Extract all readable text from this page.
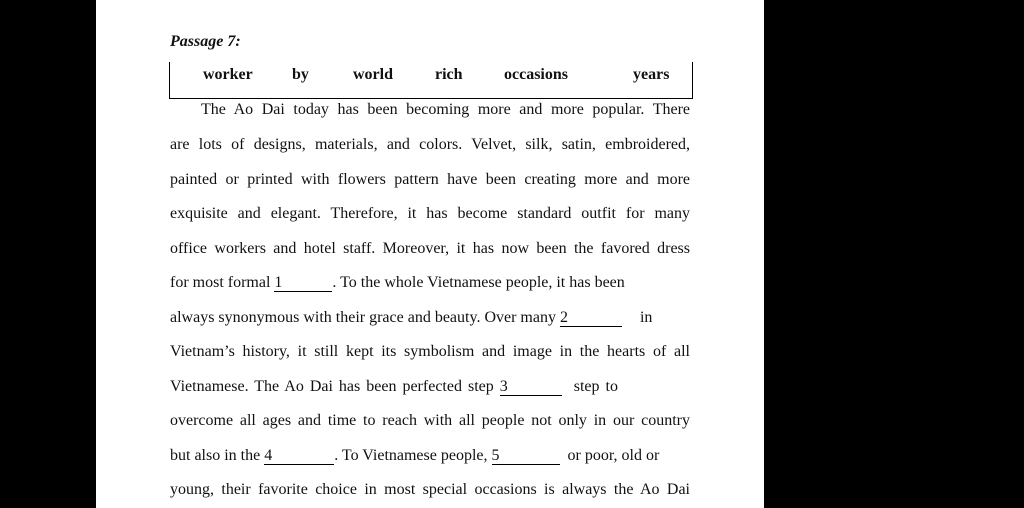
Passage 7:
worker by	world	rich	occasions	years
The Ao Dai today has been becoming more and more popular. There
are lots of designs, materials, and colors. Velvet, silk, satin, embroidered,
painted or printed with flowers pattern have been creating more and more
exquisite and elegant. Therefore, it has become standard outfit for many
office workers and hotel staff. Moreover, it has now been the favored dress
for most formal 1	. To the whole Vietnamese people, it has been
always synonymous with their grace and beauty. Over many 2	in
Vietnam’s history, it still kept its symbolism and image in the hearts of all
Vietnamese. The Ao Dai has been perfected step 3	step to
overcome all ages and time to reach with all people not only in our country
but also in the 4	. To Vietnamese people, 5	or poor, old or
young, their favorite choice in most special occasions is always the Ao Dai
